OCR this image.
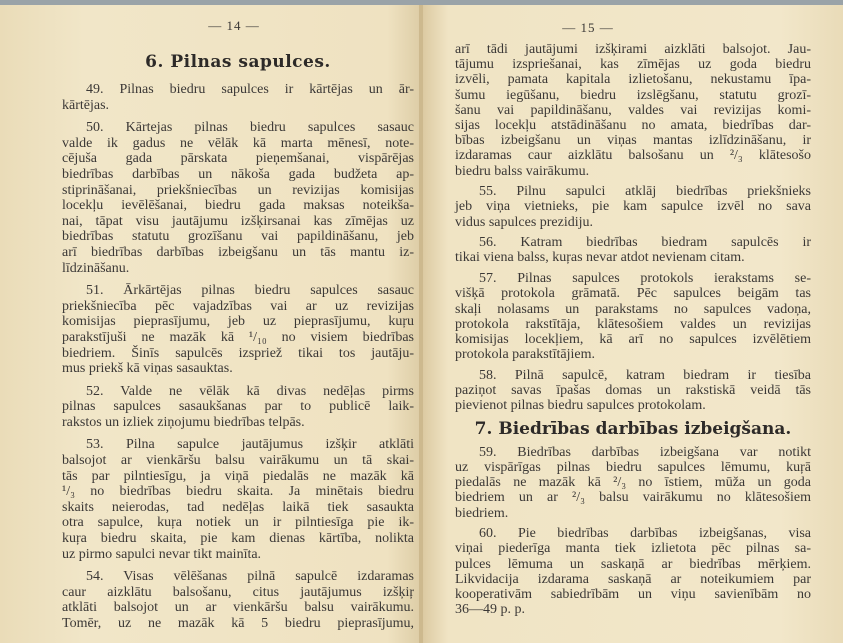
— 14 —
6. Pilnas sapulces.
49. Pilnas biedru sapulces ir kārtējas un ār-
kārtējas.
50. Kārtejas pilnas biedru sapulces sasauc
valde ik gadus ne vēlāk kā marta mēnesī, note-
cējuša gada pārskata pieņemšanai, vispārējas
biedrības darbības un nākoša gada budžeta ap-
stiprināšanai, priekšniecības un revizijas komisijas
locekļu ievēlēšanai, biedru gada maksas noteikša-
nai, tāpat visu jautājumu izšķirsanai kas zīmējas uz
biedrības statutu grozīšanu vai papildināšanu, jeb
arī biedrības darbības izbeigšanu un tās mantu iz-
līdzināšanu.
51. Ārkārtējas pilnas biedru sapulces sasauc
priekšniecība pēc vajadzības vai ar uz revizijas
komisijas pieprasījumu, jeb uz pieprasījumu, kuŗu
parakstījuši ne mazāk kā ¹/₁₀ no visiem biedrības
biedriem. Šinīs sapulcēs izspriež tikai tos jautāju-
mus priekš kā viņas sasauktas.
52. Valde ne vēlāk kā divas nedēļas pirms
pilnas sapulces sasaukšanas par to publicē laik-
rakstos un izliek ziņojumu biedrības telpās.
53. Pilna sapulce jautājumus izšķir atklāti
balsojot ar vienkāršu balsu vairākumu un tā skai-
tās par pilntiesīgu, ja viņā piedalās ne mazāk kā
¹/₃ no biedrības biedru skaita. Ja minētais biedru
skaits neierodas, tad nedēļas laikā tiek sasaukta
otra sapulce, kuŗa notiek un ir pilntiesīga pie ik-
kuŗa biedru skaita, pie kam dienas kārtība, nolikta
uz pirmo sapulci nevar tikt mainīta.
54. Visas vēlēšanas pilnā sapulcē izdaramas
caur aizklātu balsošanu, citus jautājumus izšķiŗ
atklāti balsojot un ar vienkāršu balsu vairākumu.
Tomēr, uz ne mazāk kā 5 biedru pieprasījumu,
— 15 —
arī tādi jautājumi izšķirami aizklāti balsojot. Jau-
tājumu izspriešanai, kas zīmējas uz goda biedru
izvēli, pamata kapitala izlietošanu, nekustamu īpa-
šumu iegūšanu, biedru izslēgšanu, statutu grozī-
šanu vai papildināšanu, valdes vai revizijas komi-
sijas locekļu atstādināšanu no amata, biedrības dar-
bības izbeigšanu un viņas mantas izlīdzināšanu, ir
izdaramas caur aizklātu balsošanu un ²/₃ klātesošo
biedru balss vairākumu.
55. Pilnu sapulci atklāj biedrības priekšnieks
jeb viņa vietnieks, pie kam sapulce izvēl no sava
vidus sapulces prezidiju.
56. Katram biedrības biedram sapulcēs ir
tikai viena balss, kuŗas nevar atdot nevienam citam.
57. Pilnas sapulces protokols ierakstams se-
višķā protokola grāmatā. Pēc sapulces beigām tas
skaļi nolasams un parakstams no sapulces vadoņa,
protokola rakstītāja, klātesošiem valdes un revizijas
komisijas locekļiem, kā arī no sapulces izvēlētiem
protokola parakstītājiem.
58. Pilnā sapulcē, katram biedram ir tiesība
paziņot savas īpašas domas un rakstiskā veidā tās
pievienot pilnas biedru sapulces protokolam.
7. Biedrības darbības izbeigšana.
59. Biedrības darbības izbeigšana var notikt
uz vispārīgas pilnas biedru sapulces lēmumu, kuŗā
piedalās ne mazāk kā ²/₃ no īstiem, mūža un goda
biedriem un ar ²/₃ balsu vairākumu no klātesošiem
biedriem.
60. Pie biedrības darbības izbeigšanas, visa
viņai piederīga manta tiek izlietota pēc pilnas sa-
pulces lēmuma un saskaņā ar biedrības mērķiem.
Likvidacija izdarama saskaņā ar noteikumiem par
kooperativām sabiedrībām un viņu savienībām no
36—49 p. p.
